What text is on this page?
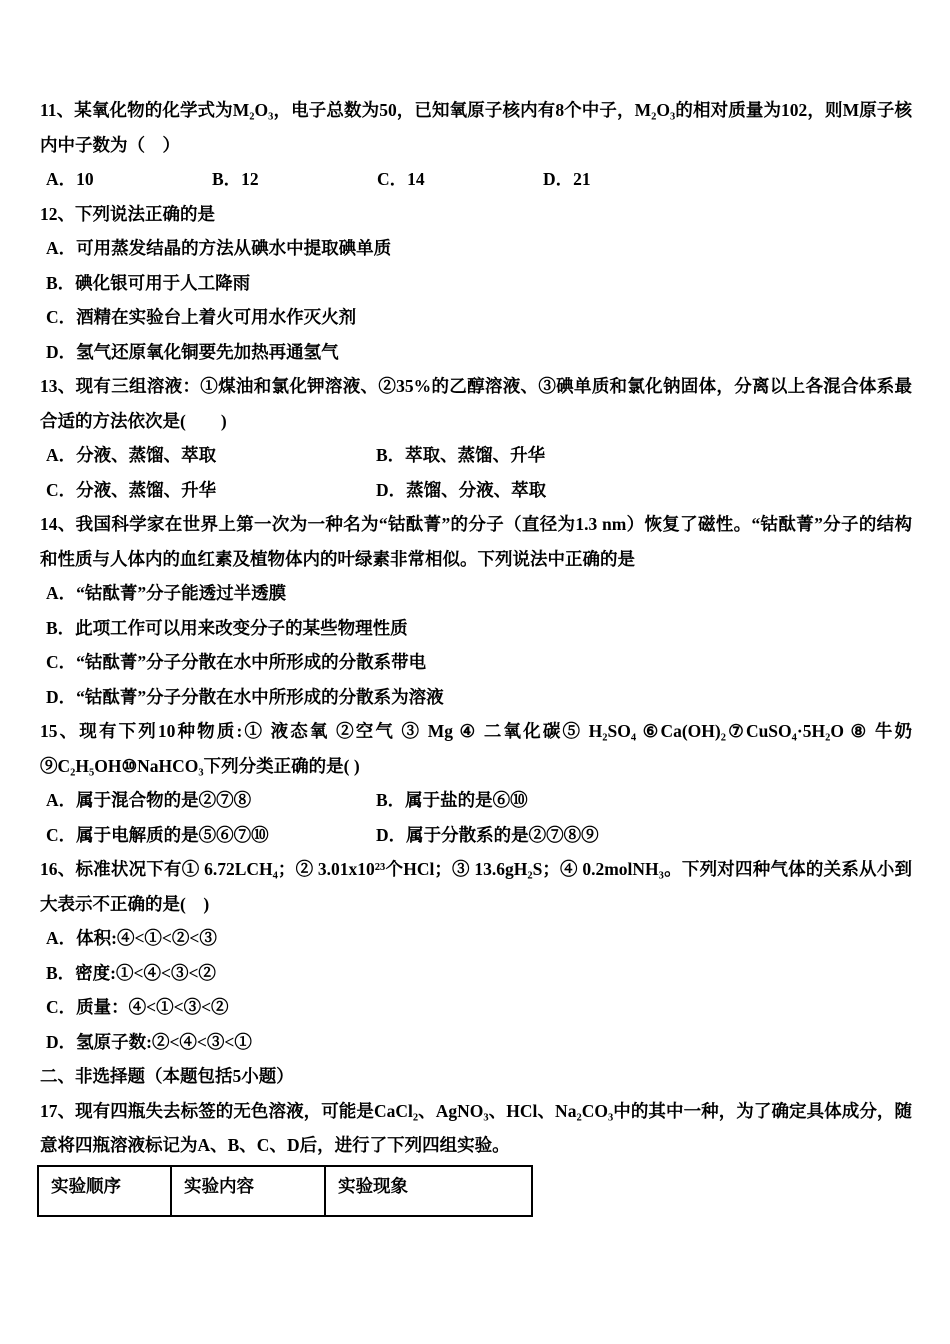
11、某氧化物的化学式为M₂O₃，电子总数为50，已知氧原子核内有8个中子，M₂O₃的相对质量为102，则M原子核内中子数为（　）

A．10	B．12	C．14	D．21

12、下列说法正确的是

A．可用蒸发结晶的方法从碘水中提取碘单质

B．碘化银可用于人工降雨

C．酒精在实验台上着火可用水作灭火剂

D．氢气还原氧化铜要先加热再通氢气

13、现有三组溶液：①煤油和氯化钾溶液、②35%的乙醇溶液、③碘单质和氯化钠固体，分离以上各混合体系最合适的方法依次是(　　)

A．分液、蒸馏、萃取	B．萃取、蒸馏、升华
C．分液、蒸馏、升华	D．蒸馏、分液、萃取

14、我国科学家在世界上第一次为一种名为“钴酞菁”的分子（直径为1.3 nm）恢复了磁性。“钴酞菁”分子的结构和性质与人体内的血红素及植物体内的叶绿素非常相似。下列说法中正确的是

A．“钴酞菁”分子能透过半透膜

B．此项工作可以用来改变分子的某些物理性质

C．“钴酞菁”分子分散在水中所形成的分散系带电

D．“钴酞菁”分子分散在水中所形成的分散系为溶液

15、现有下列10种物质:① 液态氧 ②空气 ③ Mg ④ 二氧化碳⑤ H₂SO₄ ⑥Ca(OH)₂⑦CuSO₄·5H₂O ⑧ 牛奶 ⑨C₂H₅OH⑩NaHCO₃下列分类正确的是( )

A．属于混合物的是②⑦⑧	B．属于盐的是⑥⑩
C．属于电解质的是⑤⑥⑦⑩	D．属于分散系的是②⑦⑧⑨

16、标准状况下有① 6.72LCH₄；② 3.01x10²³个HCl；③ 13.6gH₂S；④ 0.2molNH₃。下列对四种气体的关系从小到大表示不正确的是(　)

A．体积:④<①<②<③

B．密度:①<④<③<②

C．质量：④<①<③<②

D．氢原子数:②<④<③<①

二、非选择题（本题包括5小题）

17、现有四瓶失去标签的无色溶液，可能是CaCl₂、AgNO₃、HCl、Na₂CO₃中的其中一种，为了确定具体成分，随意将四瓶溶液标记为A、B、C、D后，进行了下列四组实验。

实验顺序	实验内容	实验现象
